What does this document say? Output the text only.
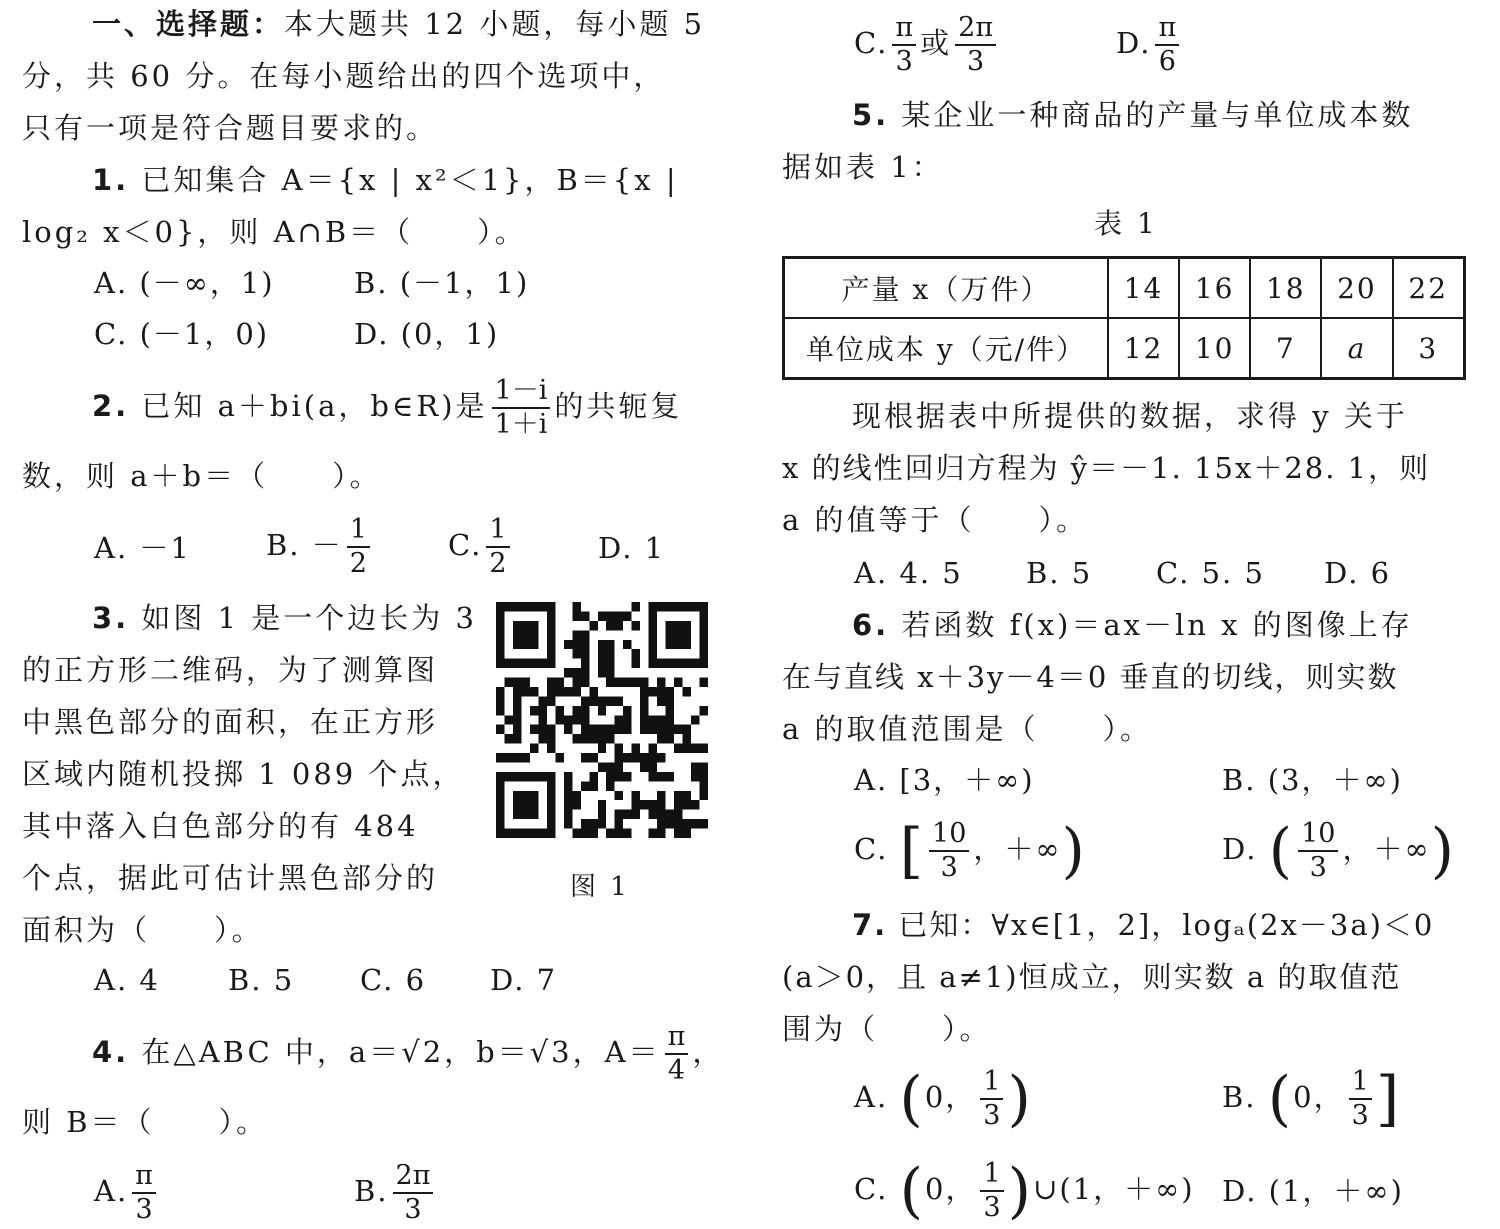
一、选择题：本大题共 12 小题，每小题 5
分，共 60 分。在每小题给出的四个选项中，
只有一项是符合题目要求的。
1. 已知集合 A＝{x | x²＜1}，B＝{x |
log₂ x＜0}，则 A∩B＝（　　）。
A. (－∞，1)	B. (－1，1)
C. (－1，0)	D. (0，1)
2. 已知 a＋bi(a，b∈R)是 $\frac{1-i}{1+i}$ 的共轭复
数，则 a＋b＝（　　）。
A. －1	B. － $\frac{1}{2}$	C. $\frac{1}{2}$	D. 1
3. 如图 1 是一个边长为 3
的正方形二维码，为了测算图
中黑色部分的面积，在正方形
区域内随机投掷 1 089 个点，
其中落入白色部分的有 484
个点，据此可估计黑色部分的
面积为（　　）。
图 1
A. 4 B. 5 C. 6 D. 7
4. 在△ABC 中，a＝√2，b＝√3，$A= \frac{\pi}{4}$ ，
则 B＝（　　）。
A. $\frac{\pi}{3}$	B. $\frac{2\pi}{3}$
C. $\frac{\pi}{3}$ 或 $\frac{2\pi}{3}$	D. $\frac{\pi}{6}$
5. 某企业一种商品的产量与单位成本数
据如表 1：
表 1
产量 x（万件）	14	16	18	20	22
单位成本 y（元/件）	12	10	7	a	3
现根据表中所提供的数据，求得 y 关于
x 的线性回归方程为 ŷ＝－1. 15x＋28. 1，则
a 的值等于（　　）。
A. 4. 5 B. 5 C. 5. 5 D. 6
6. 若函数 f(x)＝ax－ln x 的图像上存
在与直线 x＋3y－4＝0 垂直的切线，则实数
a 的取值范围是（　　）。
A. [3，＋∞)	B. (3，＋∞)
C. [ $\frac{10}{3}$ ，＋∞)	D. ( $\frac{10}{3}$ ，＋∞)
7. 已知：∀x∈[1，2]，logₐ(2x－3a)＜0
(a＞0，且 a≠1)恒成立，则实数 a 的取值范
围为（　　）。
A. (0， $\frac{1}{3}$ )	B. (0， $\frac{1}{3}$ ]
C. (0， $\frac{1}{3}$ )∪(1，＋∞) D. (1，＋∞)
